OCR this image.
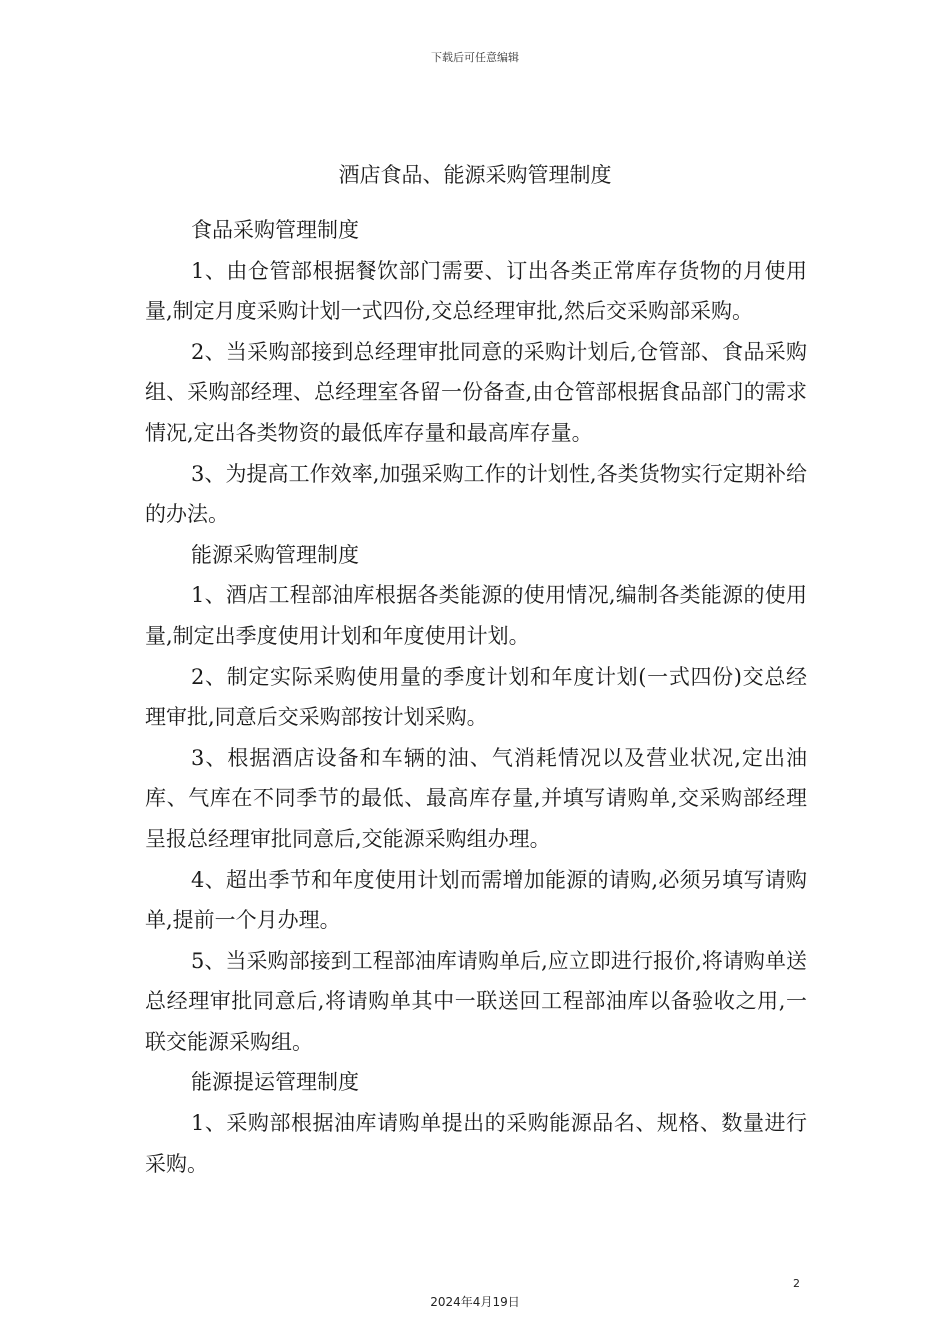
下载后可任意编辑
酒店食品、能源采购管理制度
食品采购管理制度

1、由仓管部根据餐饮部门需要、订出各类正常库存货物的月使用量,制定月度采购计划一式四份,交总经理审批,然后交采购部采购。

2、当采购部接到总经理审批同意的采购计划后,仓管部、食品采购组、采购部经理、总经理室各留一份备查,由仓管部根据食品部门的需求情况,定出各类物资的最低库存量和最高库存量。

3、为提高工作效率,加强采购工作的计划性,各类货物实行定期补给的办法。

能源采购管理制度

1、酒店工程部油库根据各类能源的使用情况,编制各类能源的使用量,制定出季度使用计划和年度使用计划。

2、制定实际采购使用量的季度计划和年度计划(一式四份)交总经理审批,同意后交采购部按计划采购。

3、根据酒店设备和车辆的油、气消耗情况以及营业状况,定出油库、气库在不同季节的最低、最高库存量,并填写请购单,交采购部经理呈报总经理审批同意后,交能源采购组办理。

4、超出季节和年度使用计划而需增加能源的请购,必须另填写请购单,提前一个月办理。

5、当采购部接到工程部油库请购单后,应立即进行报价,将请购单送总经理审批同意后,将请购单其中一联送回工程部油库以备验收之用,一联交能源采购组。

能源提运管理制度

1、采购部根据油库请购单提出的采购能源品名、规格、数量进行采购。

2
2024年4月19日
